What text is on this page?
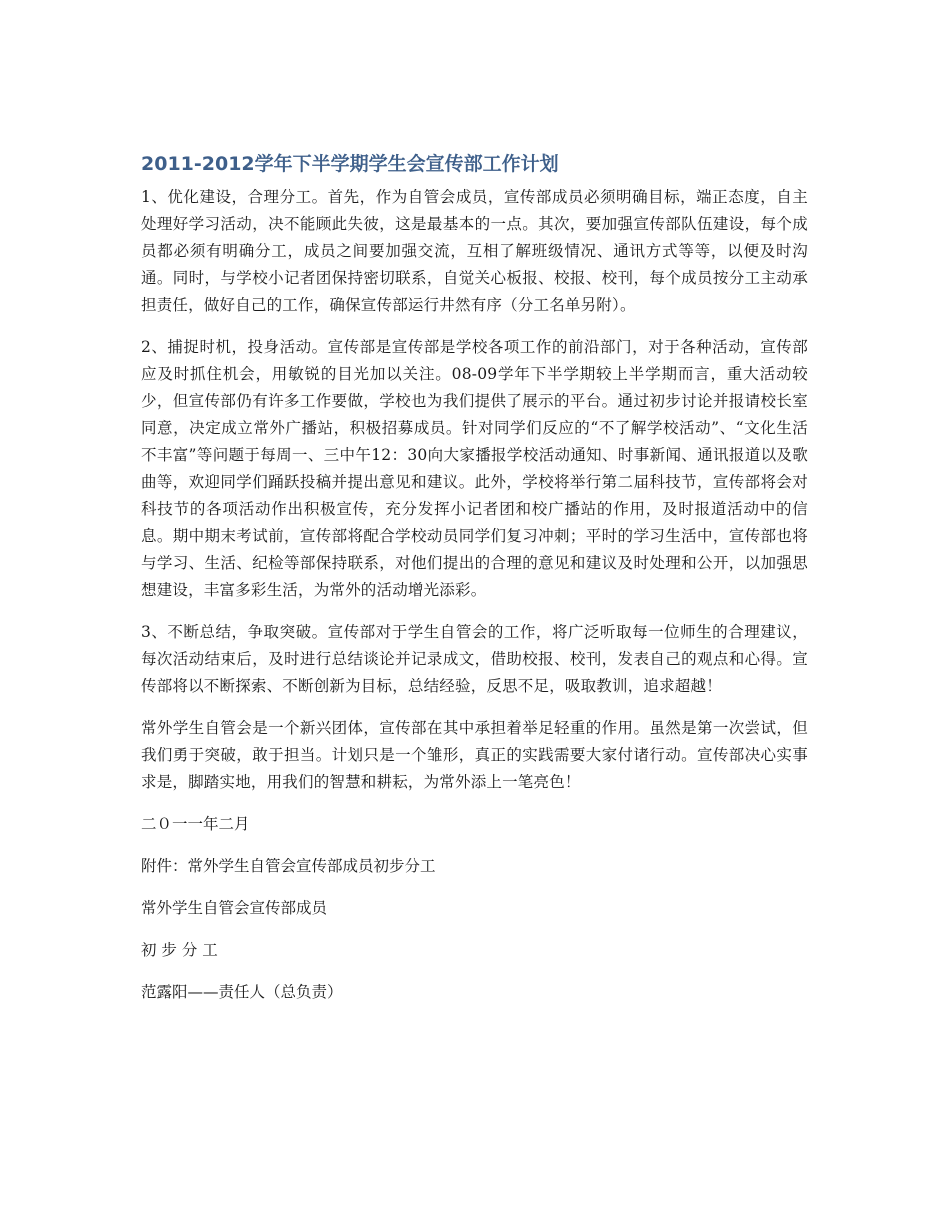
2011-2012学年下半学期学生会宣传部工作计划

1、优化建设，合理分工。首先，作为自管会成员，宣传部成员必须明确目标，端正态度，自主处理好学习活动，决不能顾此失彼，这是最基本的一点。其次，要加强宣传部队伍建设，每个成员都必须有明确分工，成员之间要加强交流，互相了解班级情况、通讯方式等等，以便及时沟通。同时，与学校小记者团保持密切联系，自觉关心板报、校报、校刊，每个成员按分工主动承担责任，做好自己的工作，确保宣传部运行井然有序（分工名单另附）。

2、捕捉时机，投身活动。宣传部是宣传部是学校各项工作的前沿部门，对于各种活动，宣传部应及时抓住机会，用敏锐的目光加以关注。08-09学年下半学期较上半学期而言，重大活动较少，但宣传部仍有许多工作要做，学校也为我们提供了展示的平台。通过初步讨论并报请校长室同意，决定成立常外广播站，积极招募成员。针对同学们反应的“不了解学校活动”、“文化生活不丰富”等问题于每周一、三中午12：30向大家播报学校活动通知、时事新闻、通讯报道以及歌曲等，欢迎同学们踊跃投稿并提出意见和建议。此外，学校将举行第二届科技节，宣传部将会对科技节的各项活动作出积极宣传，充分发挥小记者团和校广播站的作用，及时报道活动中的信息。期中期末考试前，宣传部将配合学校动员同学们复习冲刺；平时的学习生活中，宣传部也将与学习、生活、纪检等部保持联系，对他们提出的合理的意见和建议及时处理和公开，以加强思想建设，丰富多彩生活，为常外的活动增光添彩。

3、不断总结，争取突破。宣传部对于学生自管会的工作，将广泛听取每一位师生的合理建议，每次活动结束后，及时进行总结谈论并记录成文，借助校报、校刊，发表自己的观点和心得。宣传部将以不断探索、不断创新为目标，总结经验，反思不足，吸取教训，追求超越！

常外学生自管会是一个新兴团体，宣传部在其中承担着举足轻重的作用。虽然是第一次尝试，但我们勇于突破，敢于担当。计划只是一个雏形，真正的实践需要大家付诸行动。宣传部决心实事求是，脚踏实地，用我们的智慧和耕耘，为常外添上一笔亮色！

二０一一年二月

附件：常外学生自管会宣传部成员初步分工

常外学生自管会宣传部成员

初 步 分 工

范露阳——责任人（总负责）
